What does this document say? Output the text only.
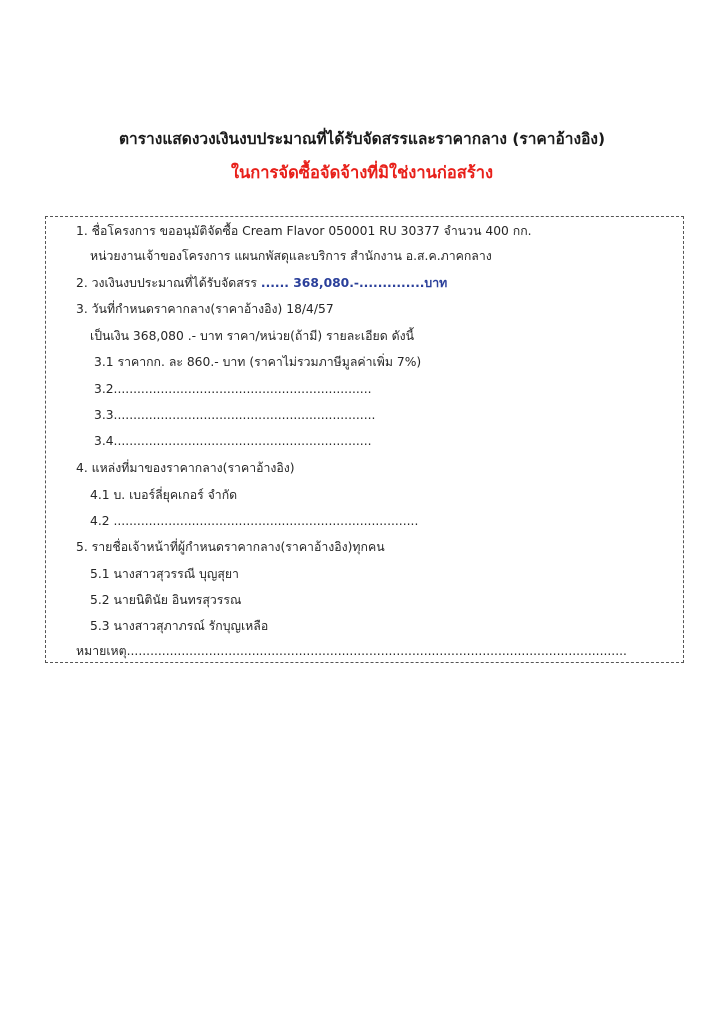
ตารางแสดงวงเงินงบประมาณที่ได้รับจัดสรรและราคากลาง (ราคาอ้างอิง)
ในการจัดซื้อจัดจ้างที่มิใช่งานก่อสร้าง
1. ชื่อโครงการ ขออนุมัติจัดซื้อ Cream Flavor 050001 RU 30377 จำนวน 400 กก.
หน่วยงานเจ้าของโครงการ แผนกพัสดุและบริการ สำนักงาน อ.ส.ค.ภาคกลาง
2. วงเงินงบประมาณที่ได้รับจัดสรร ...... 368,080.-..............บาท
3. วันที่กำหนดราคากลาง(ราคาอ้างอิง) 18/4/57
เป็นเงิน 368,080 .- บาท ราคา/หน่วย(ถ้ามี) รายละเอียด ดังนี้
3.1 ราคากก. ละ 860.- บาท (ราคาไม่รวมภาษีมูลค่าเพิ่ม 7%)
3.2..................................................................
3.3...................................................................
3.4..................................................................
4. แหล่งที่มาของราคากลาง(ราคาอ้างอิง)
4.1 บ. เบอร์ลี่ยุคเกอร์ จำกัด
4.2 ..............................................................................
5. รายชื่อเจ้าหน้าที่ผู้กำหนดราคากลาง(ราคาอ้างอิง)ทุกคน
5.1 นางสาวสุวรรณี บุญสุยา
5.2 นายนิตินัย อินทรสุวรรณ
5.3 นางสาวสุภาภรณ์ รักบุญเหลือ
หมายเหตุ................................................................................................................................
